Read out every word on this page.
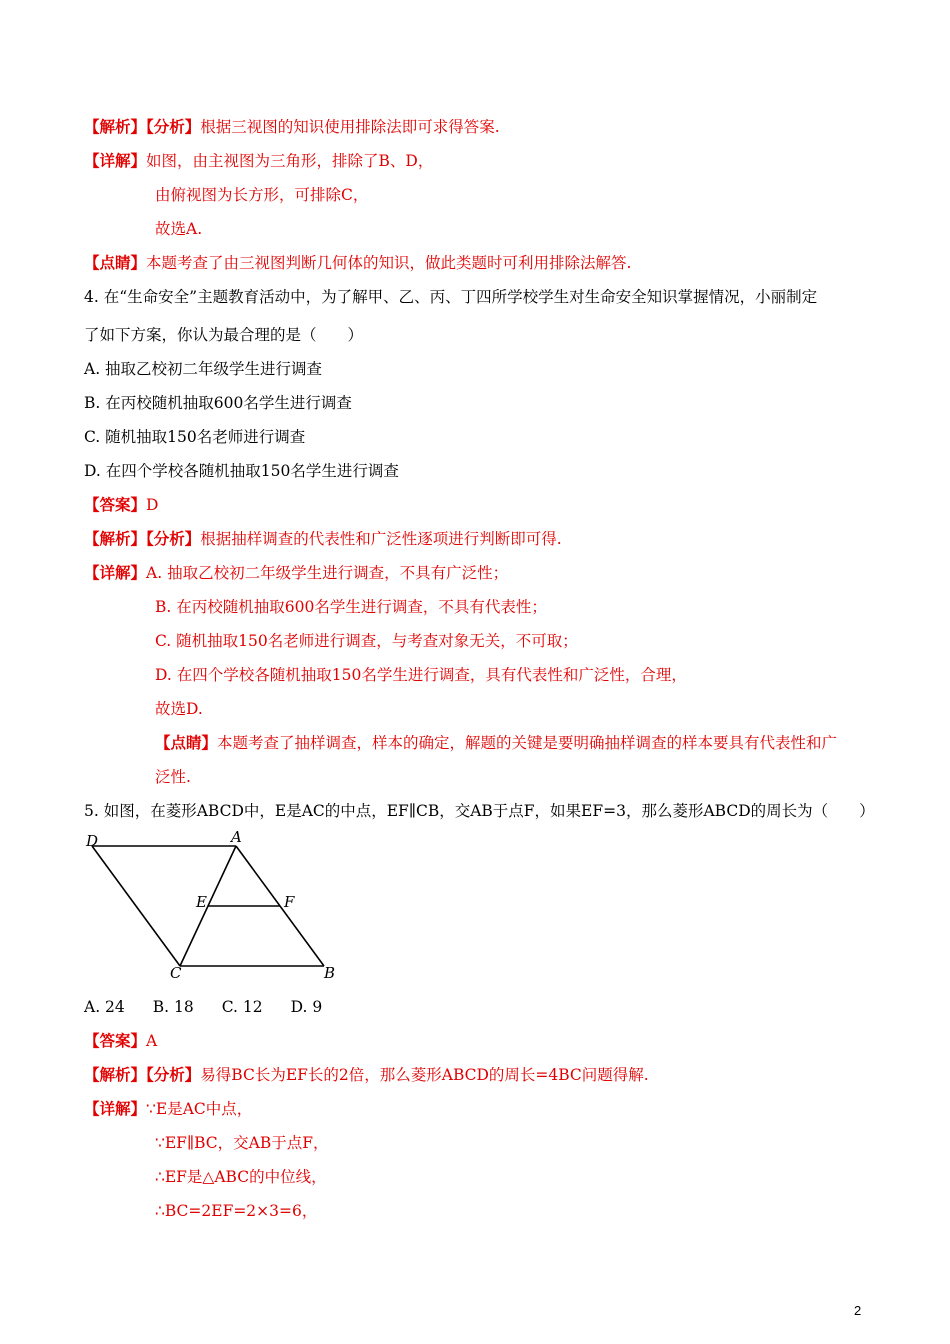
【解析】【分析】根据三视图的知识使用排除法即可求得答案.
【详解】如图，由主视图为三角形，排除了B、D，
由俯视图为长方形，可排除C，
故选A.
【点睛】本题考查了由三视图判断几何体的知识，做此类题时可利用排除法解答.
4. 在“生命安全”主题教育活动中，为了解甲、乙、丙、丁四所学校学生对生命安全知识掌握情况，小丽制定
了如下方案，你认为最合理的是（　　）
A. 抽取乙校初二年级学生进行调查
B. 在丙校随机抽取600名学生进行调查
C. 随机抽取150名老师进行调查
D. 在四个学校各随机抽取150名学生进行调查
【答案】D
【解析】【分析】根据抽样调查的代表性和广泛性逐项进行判断即可得.
【详解】A. 抽取乙校初二年级学生进行调查，不具有广泛性；
B. 在丙校随机抽取600名学生进行调查，不具有代表性；
C. 随机抽取150名老师进行调查，与考查对象无关，不可取；
D. 在四个学校各随机抽取150名学生进行调查，具有代表性和广泛性，合理，
故选D.
【点睛】本题考查了抽样调查，样本的确定，解题的关键是要明确抽样调查的样本要具有代表性和广
泛性.
5. 如图，在菱形ABCD中，E是AC的中点，EF∥CB，交AB于点F，如果EF=3，那么菱形ABCD的周长为（　　）
D	A
E	F
C	B
A. 24 B. 18 C. 12 D. 9
【答案】A
【解析】【分析】易得BC长为EF长的2倍，那么菱形ABCD的周长=4BC问题得解.
【详解】∵E是AC中点，
∵EF∥BC，交AB于点F，
∴EF是△ABC的中位线，
∴BC=2EF=2×3=6，
2
